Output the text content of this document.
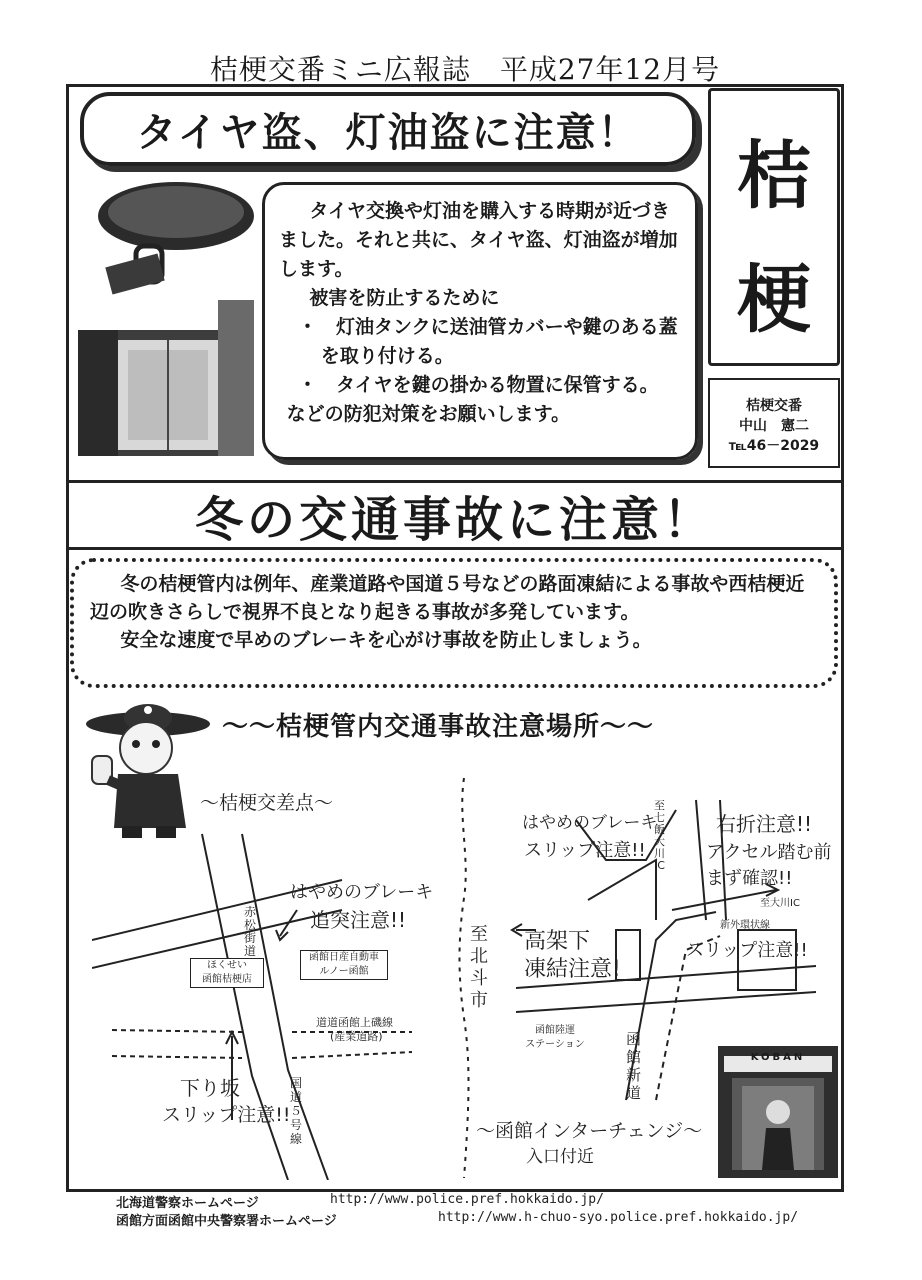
桔梗交番ミニ広報誌　平成27年12月号
タイヤ盗、灯油盗に注意！
桔
梗
桔梗交番
中山　憲二
℡46－2029

タイヤ交換や灯油を購入する時期が近づきました。それと共に、タイヤ盗、灯油盗が増加します。

被害を防止するために

・　灯油タンクに送油管カバーや鍵のある蓋を取り付ける。

・　タイヤを鍵の掛かる物置に保管する。

などの防犯対策をお願いします。

冬の交通事故に注意！

冬の桔梗管内は例年、産業道路や国道５号などの路面凍結による事故や西桔梗近辺の吹きさらしで視界不良となり起きる事故が多発しています。

安全な速度で早めのブレーキを心がけ事故を防止しましょう。

～～桔梗管内交通事故注意場所～～
～桔梗交差点～
はやめのブレーキ
追突注意!!
赤松街道
ほくせい
函館桔梗店
函館日産自動車
ルノー函館
道道函館上磯線
(産業道路)
下り坂
スリップ注意!!
国道５号線
はやめのブレーキ
スリップ注意!!
至七飯大川IC
右折注意!!
アクセル踏む前
まず確認!!
至大川IC
新外環状線
至北斗市
高架下
凍結注意!
スリップ注意!!
函館陸運
ステーション	函館新道
～函館インターチェンジ～
入口付近
KOBAN
北海道警察ホームページ	http://www.police.pref.hokkaido.jp/
函館方面函館中央警察署ホームページ	http://www.h-chuo-syo.police.pref.hokkaido.jp/
